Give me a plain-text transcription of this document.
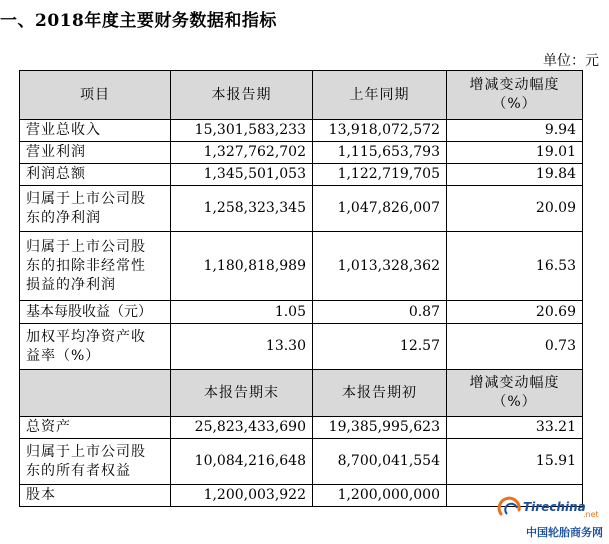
一、2018年度主要财务数据和指标
单位：元
项目	本报告期	上年同期	增减变动幅度
（%）

营业总收入	15,301,583,233	13,918,072,572	9.94
营业利润	1,327,762,702	1,115,653,793	19.01
利润总额	1,345,501,053	1,122,719,705	19.84

归属于上市公司股
东的净利润	1,258,323,345	1,047,826,007	20.09

归属于上市公司股
东的扣除非经常性
损益的净利润	1,180,818,989	1,013,328,362	16.53
基本每股收益（元）	1.05	0.87	20.69

加权平均净资产收
益率（%）	13.30	12.57	0.73
	本报告期末	本报告期初	增减变动幅度
（%）

总资产	25,823,433,690	19,385,995,623	33.21

归属于上市公司股
东的所有者权益	10,084,216,648	8,700,041,554	15.91
股本	1,200,003,922	1,200,000,000	
Tirechina
.net
中国轮胎商务网
